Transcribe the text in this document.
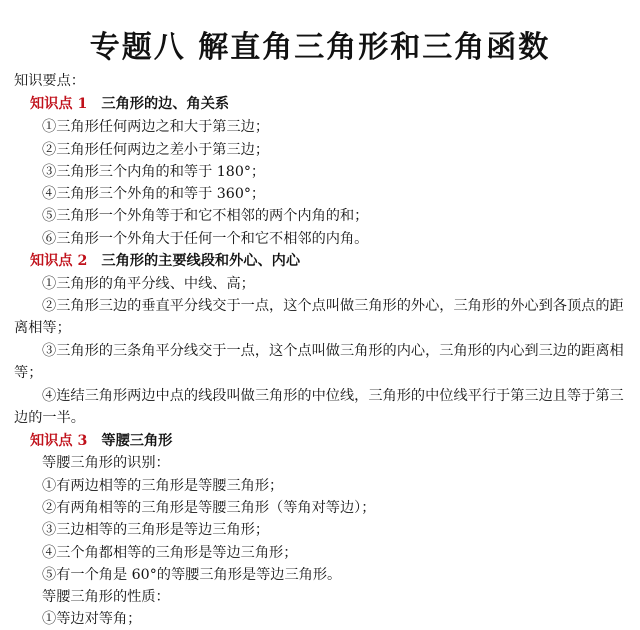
专题八 解直角三角形和三角函数
知识要点：
知识点 1 三角形的边、角关系
①三角形任何两边之和大于第三边；
②三角形任何两边之差小于第三边；
③三角形三个内角的和等于 180°；
④三角形三个外角的和等于 360°；
⑤三角形一个外角等于和它不相邻的两个内角的和；
⑥三角形一个外角大于任何一个和它不相邻的内角。
知识点 2 三角形的主要线段和外心、内心
①三角形的角平分线、中线、高；
②三角形三边的垂直平分线交于一点，这个点叫做三角形的外心，三角形的外心到各顶点的距
离相等；
③三角形的三条角平分线交于一点，这个点叫做三角形的内心，三角形的内心到三边的距离相
等；
④连结三角形两边中点的线段叫做三角形的中位线，三角形的中位线平行于第三边且等于第三
边的一半。
知识点 3 等腰三角形
等腰三角形的识别：
①有两边相等的三角形是等腰三角形；
②有两角相等的三角形是等腰三角形（等角对等边）；
③三边相等的三角形是等边三角形；
④三个角都相等的三角形是等边三角形；
⑤有一个角是 60°的等腰三角形是等边三角形。
等腰三角形的性质：
①等边对等角；
